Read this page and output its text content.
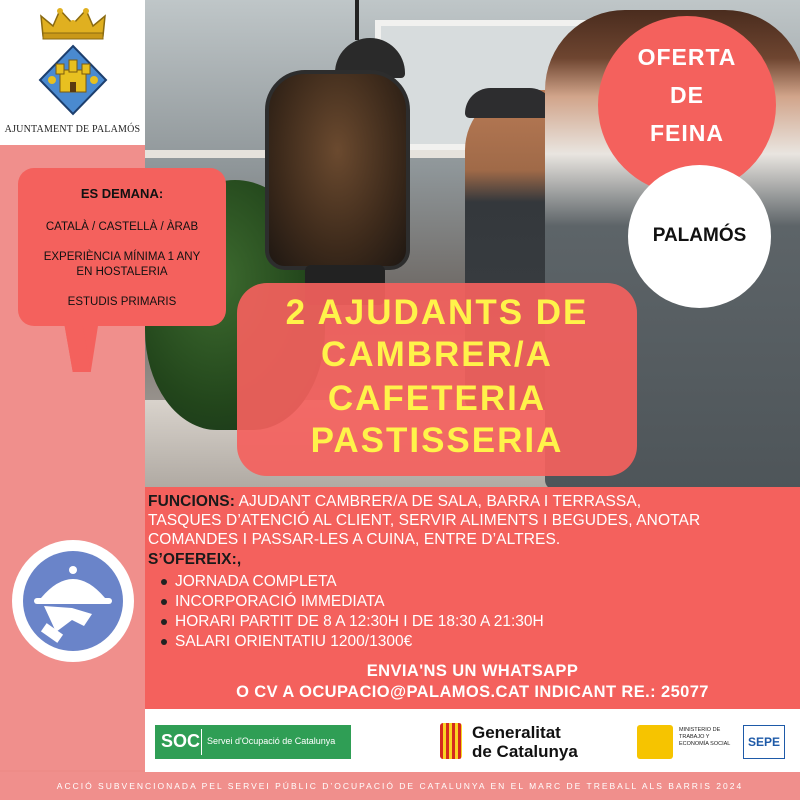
AJUNTAMENT DE PALAMÓS
ES DEMANA:
CATALÀ / CASTELLÀ / ÀRAB
EXPERIÈNCIA MÍNIMA 1 ANY
EN HOSTALERIA
ESTUDIS PRIMARIS
OFERTA
DE
FEINA
PALAMÓS
2 AJUDANTS DE
CAMBRER/A
CAFETERIA
PASTISSERIA
FUNCIONS: AJUDANT CAMBRER/A DE SALA, BARRA I TERRASSA,
TASQUES D’ATENCIÓ AL CLIENT, SERVIR ALIMENTS I BEGUDES, ANOTAR
COMANDES I PASSAR-LES A CUINA, ENTRE D’ALTRES.
S’OFEREIX:,
JORNADA COMPLETA
INCORPORACIÓ IMMEDIATA
HORARI PARTIT DE 8 A 12:30H I DE 18:30 A 21:30H
SALARI ORIENTATIU 1200/1300€
ENVIA'NS UN WHATSAPP
O CV A OCUPACIO@PALAMOS.CAT INDICANT RE.: 25077
SOC Servei d'Ocupació de Catalunya	Generalitat
de Catalunya
MINISTERIO DE TRABAJO Y ECONOMÍA SOCIAL	SEPE
ACCIÓ SUBVENCIONADA PEL SERVEI PÚBLIC D’OCUPACIÓ DE CATALUNYA EN EL MARC DE TREBALL ALS BARRIS 2024
